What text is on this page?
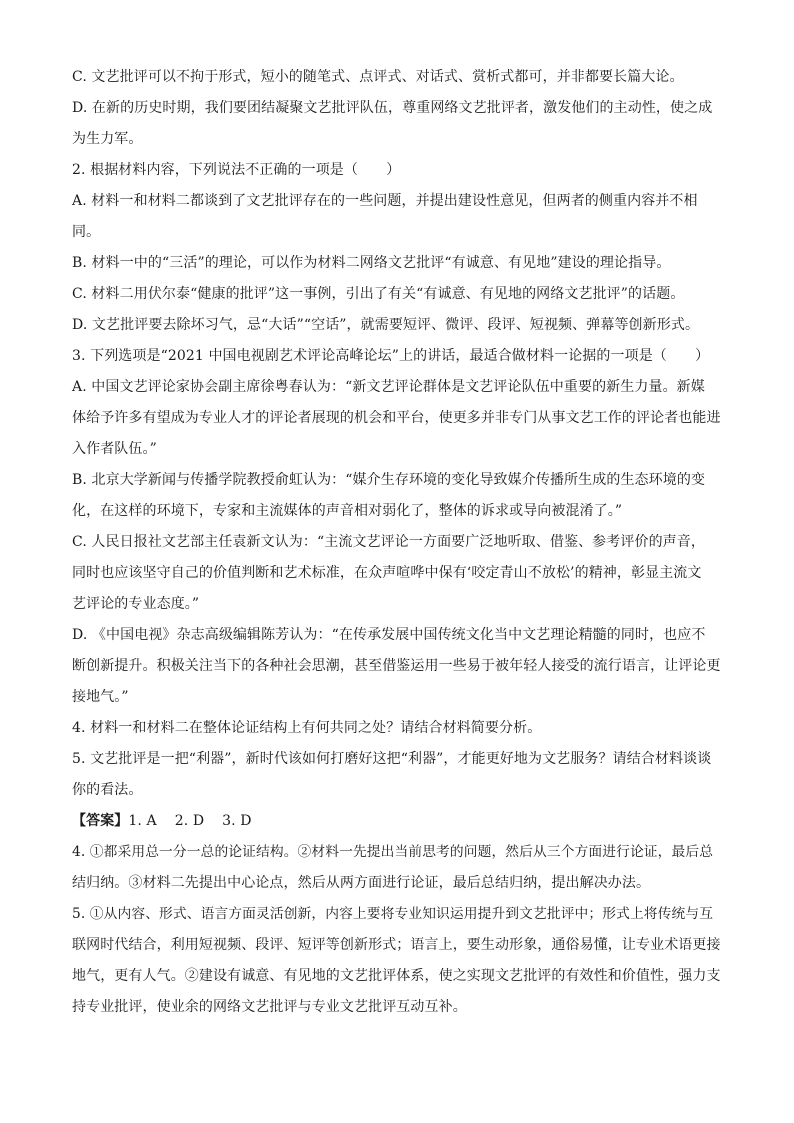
C. 文艺批评可以不拘于形式，短小的随笔式、点评式、对话式、赏析式都可，并非都要长篇大论。
D. 在新的历史时期，我们要团结凝聚文艺批评队伍，尊重网络文艺批评者，激发他们的主动性，使之成
为生力军。
2. 根据材料内容，下列说法不正确的一项是（　　）
A. 材料一和材料二都谈到了文艺批评存在的一些问题，并提出建设性意见，但两者的侧重内容并不相
同。
B. 材料一中的“三活”的理论，可以作为材料二网络文艺批评“有诚意、有见地”建设的理论指导。
C. 材料二用伏尔泰“健康的批评”这一事例，引出了有关“有诚意、有见地的网络文艺批评”的话题。
D. 文艺批评要去除坏习气，忌“大话”“空话”，就需要短评、微评、段评、短视频、弹幕等创新形式。
3. 下列选项是“2021 中国电视剧艺术评论高峰论坛”上的讲话，最适合做材料一论据的一项是（　　）
A. 中国文艺评论家协会副主席徐粤春认为：“新文艺评论群体是文艺评论队伍中重要的新生力量。新媒
体给予许多有望成为专业人才的评论者展现的机会和平台，使更多并非专门从事文艺工作的评论者也能进
入作者队伍。”
B. 北京大学新闻与传播学院教授俞虹认为：“媒介生存环境的变化导致媒介传播所生成的生态环境的变
化，在这样的环境下，专家和主流媒体的声音相对弱化了，整体的诉求或导向被混淆了。”
C. 人民日报社文艺部主任袁新文认为：“主流文艺评论一方面要广泛地听取、借鉴、参考评价的声音，
同时也应该坚守自己的价值判断和艺术标准，在众声喧哗中保有‘咬定青山不放松’的精神，彰显主流文
艺评论的专业态度。”
D. 《中国电视》杂志高级编辑陈芳认为：“在传承发展中国传统文化当中文艺理论精髓的同时，也应不
断创新提升。积极关注当下的各种社会思潮，甚至借鉴运用一些易于被年轻人接受的流行语言，让评论更
接地气。”
4. 材料一和材料二在整体论证结构上有何共同之处？请结合材料简要分析。
5. 文艺批评是一把“利器”，新时代该如何打磨好这把“利器”，才能更好地为文艺服务？请结合材料谈谈
你的看法。
【答案】1. A 2. D 3. D
4. ①都采用总一分一总的论证结构。②材料一先提出当前思考的问题，然后从三个方面进行论证，最后总
结归纳。③材料二先提出中心论点，然后从两方面进行论证，最后总结归纳，提出解决办法。
5. ①从内容、形式、语言方面灵活创新，内容上要将专业知识运用提升到文艺批评中；形式上将传统与互
联网时代结合，利用短视频、段评、短评等创新形式；语言上，要生动形象，通俗易懂，让专业术语更接
地气，更有人气。②建设有诚意、有见地的文艺批评体系，使之实现文艺批评的有效性和价值性，强力支
持专业批评，使业余的网络文艺批评与专业文艺批评互动互补。
